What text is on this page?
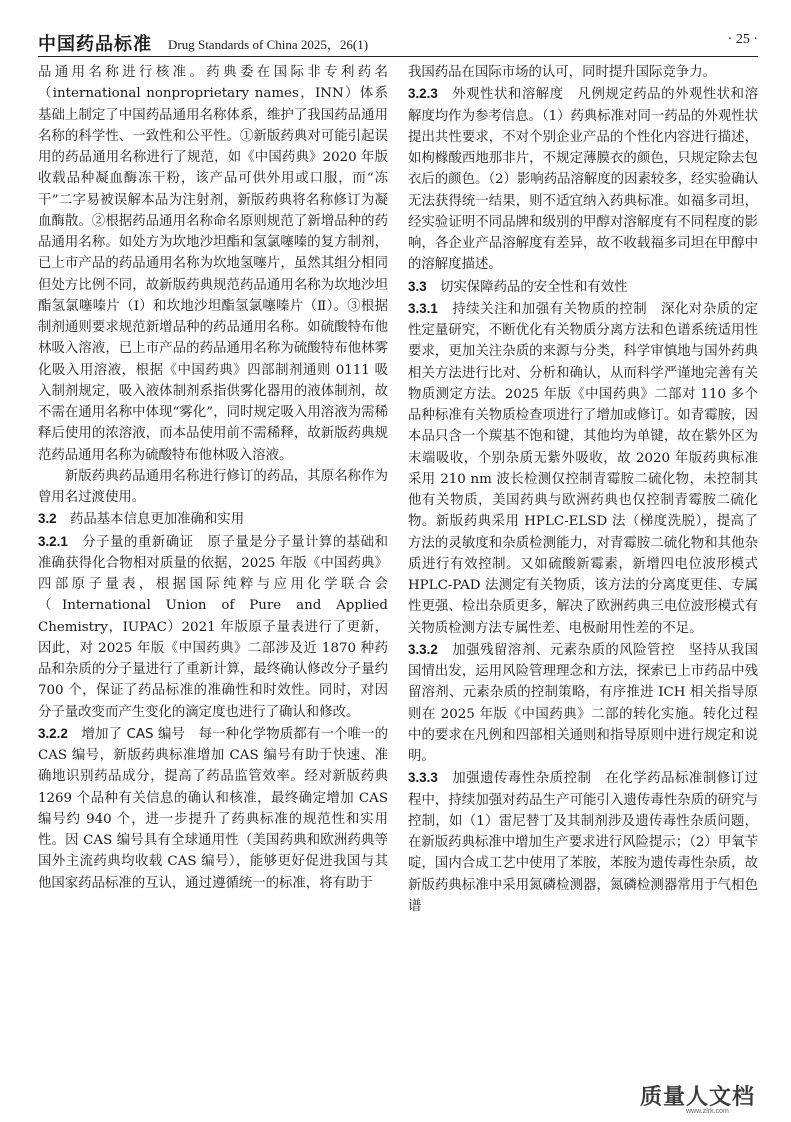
中国药品标准 Drug Standards of China 2025，26(1)	· 25 ·

品通用名称进行核准。药典委在国际非专利药名（international nonproprietary names，INN）体系基础上制定了中国药品通用名称体系，维护了我国药品通用名称的科学性、一致性和公平性。①新版药典对可能引起误用的药品通用名称进行了规范，如《中国药典》2020 年版收载品种凝血酶冻干粉，该产品可供外用或口服，而“冻干”二字易被误解本品为注射剂，新版药典将名称修订为凝血酶散。②根据药品通用名称命名原则规范了新增品种的药品通用名称。如处方为坎地沙坦酯和氢氯噻嗪的复方制剂，已上市产品的药品通用名称为坎地氢噻片，虽然其组分相同但处方比例不同，故新版药典规范药品通用名称为坎地沙坦酯氢氯噻嗪片（Ⅰ）和坎地沙坦酯氢氯噻嗪片（Ⅱ）。③根据制剂通则要求规范新增品种的药品通用名称。如硫酸特布他林吸入溶液，已上市产品的药品通用名称为硫酸特布他林雾化吸入用溶液，根据《中国药典》四部制剂通则 0111 吸入制剂规定，吸入液体制剂系指供雾化器用的液体制剂，故不需在通用名称中体现“雾化”，同时规定吸入用溶液为需稀释后使用的浓溶液，而本品使用前不需稀释，故新版药典规范药品通用名称为硫酸特布他林吸入溶液。

新版药典药品通用名称进行修订的药品，其原名称作为曾用名过渡使用。

3.2　 药品基本信息更加准确和实用

3.2.1　 分子量的重新确证　 原子量是分子量计算的基础和准确获得化合物相对质量的依据，2025 年版《中国药典》四部原子量表，根据国际纯粹与应用化学联合会（International Union of Pure and Applied Chemistry，IUPAC）2021 年版原子量表进行了更新，因此，对 2025 年版《中国药典》二部涉及近 1870 种药品和杂质的分子量进行了重新计算，最终确认修改分子量约 700 个，保证了药品标准的准确性和时效性。同时，对因分子量改变而产生变化的滴定度也进行了确认和修改。

3.2.2　 增加了 CAS 编号　 每一种化学物质都有一个唯一的 CAS 编号，新版药典标准增加 CAS 编号有助于快速、准确地识别药品成分，提高了药品监管效率。经对新版药典 1269 个品种有关信息的确认和核准，最终确定增加 CAS 编号约 940 个，进一步提升了药典标准的规范性和实用性。因 CAS 编号具有全球通用性（美国药典和欧洲药典等国外主流药典均收载 CAS 编号），能够更好促进我国与其他国家药品标准的互认，通过遵循统一的标准，将有助于

我国药品在国际市场的认可，同时提升国际竞争力。

3.2.3　 外观性状和溶解度　 凡例规定药品的外观性状和溶解度均作为参考信息。（1）药典标准对同一药品的外观性状提出共性要求，不对个别企业产品的个性化内容进行描述，如枸橼酸西地那非片，不规定薄膜衣的颜色，只规定除去包衣后的颜色。（2）影响药品溶解度的因素较多，经实验确认无法获得统一结果，则不适宜纳入药典标准。如福多司坦，经实验证明不同品牌和级别的甲醇对溶解度有不同程度的影响，各企业产品溶解度有差异，故不收载福多司坦在甲醇中的溶解度描述。

3.3　 切实保障药品的安全性和有效性

3.3.1　 持续关注和加强有关物质的控制　 深化对杂质的定性定量研究，不断优化有关物质分离方法和色谱系统适用性要求，更加关注杂质的来源与分类，科学审慎地与国外药典相关方法进行比对、分析和确认，从而科学严谨地完善有关物质测定方法。2025 年版《中国药典》二部对 110 多个品种标准有关物质检查项进行了增加或修订。如青霉胺，因本品只含一个羰基不饱和键，其他均为单键，故在紫外区为末端吸收，个别杂质无紫外吸收，故 2020 年版药典标准采用 210 nm 波长检测仅控制青霉胺二硫化物，未控制其他有关物质，美国药典与欧洲药典也仅控制青霉胺二硫化物。新版药典采用 HPLC-ELSD 法（梯度洗脱），提高了方法的灵敏度和杂质检测能力，对青霉胺二硫化物和其他杂质进行有效控制。又如硫酸新霉素，新增四电位波形模式 HPLC-PAD 法测定有关物质，该方法的分离度更佳、专属性更强、检出杂质更多，解决了欧洲药典三电位波形模式有关物质检测方法专属性差、电极耐用性差的不足。

3.3.2　 加强残留溶剂、元素杂质的风险管控　 坚持从我国国情出发，运用风险管理理念和方法，探索已上市药品中残留溶剂、元素杂质的控制策略，有序推进 ICH 相关指导原则在 2025 年版《中国药典》二部的转化实施。转化过程中的要求在凡例和四部相关通则和指导原则中进行规定和说明。

3.3.3　 加强遗传毒性杂质控制　 在化学药品标准制修订过程中，持续加强对药品生产可能引入遗传毒性杂质的研究与控制，如（1）雷尼替丁及其制剂涉及遗传毒性杂质问题，在新版药典标准中增加生产要求进行风险提示；（2）甲氧苄啶，国内合成工艺中使用了苯胺，苯胺为遗传毒性杂质，故新版药典标准中采用氮磷检测器，氮磷检测器常用于气相色谱

质量人文档
www.zlrk.com
